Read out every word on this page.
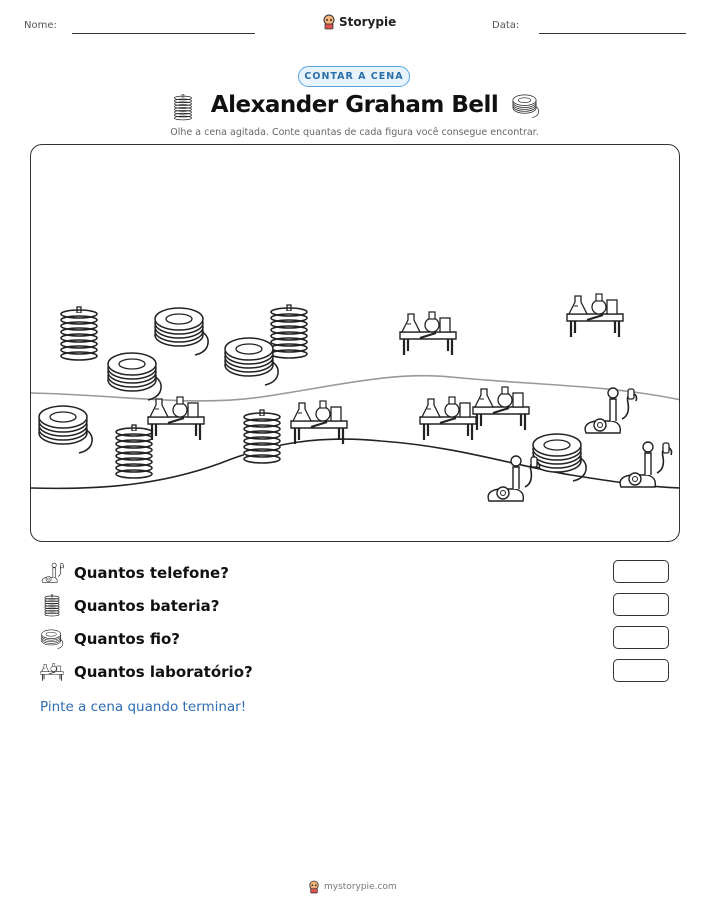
Nome:	Storypie	Data:
CONTAR A CENA
Alexander Graham Bell
Olhe a cena agitada. Conte quantas de cada figura você consegue encontrar.
Quantos telefone?
Quantos bateria?
Quantos fio?
Quantos laboratório?
Pinte a cena quando terminar!
mystorypie.com
